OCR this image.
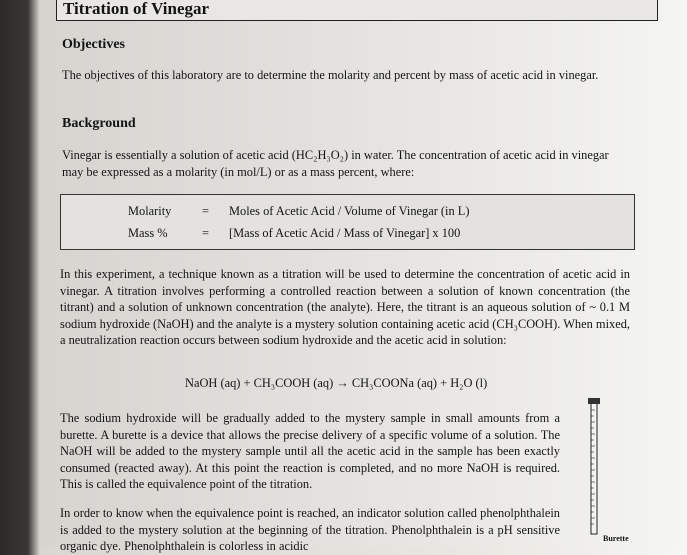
Titration of Vinegar
Objectives

The objectives of this laboratory are to determine the molarity and percent by mass of acetic acid in vinegar.

Background

Vinegar is essentially a solution of acetic acid (HC₂H₃O₂) in water. The concentration of acetic acid in vinegar may be expressed as a molarity (in mol/L) or as a mass percent, where:

Molarity = Moles of Acetic Acid / Volume of Vinegar (in L)
Mass %	= [Mass of Acetic Acid / Mass of Vinegar] x 100

In this experiment, a technique known as a titration will be used to determine the concentration of acetic acid in vinegar. A titration involves performing a controlled reaction between a solution of known concentration (the titrant) and a solution of unknown concentration (the analyte). Here, the titrant is an aqueous solution of ~ 0.1 M sodium hydroxide (NaOH) and the analyte is a mystery solution containing acetic acid (CH₃COOH). When mixed, a neutralization reaction occurs between sodium hydroxide and the acetic acid in solution:

NaOH (aq) + CH₃COOH (aq) → CH₃COONa (aq) + H₂O (l)

The sodium hydroxide will be gradually added to the mystery sample in small amounts from a burette. A burette is a device that allows the precise delivery of a specific volume of a solution. The NaOH will be added to the mystery sample until all the acetic acid in the sample has been exactly consumed (reacted away). At this point the reaction is completed, and no more NaOH is required. This is called the equivalence point of the titration.

In order to know when the equivalence point is reached, an indicator solution called phenolphthalein is added to the mystery solution at the beginning of the titration. Phenolphthalein is a pH sensitive organic dye. Phenolphthalein is colorless in acidic

Burette
